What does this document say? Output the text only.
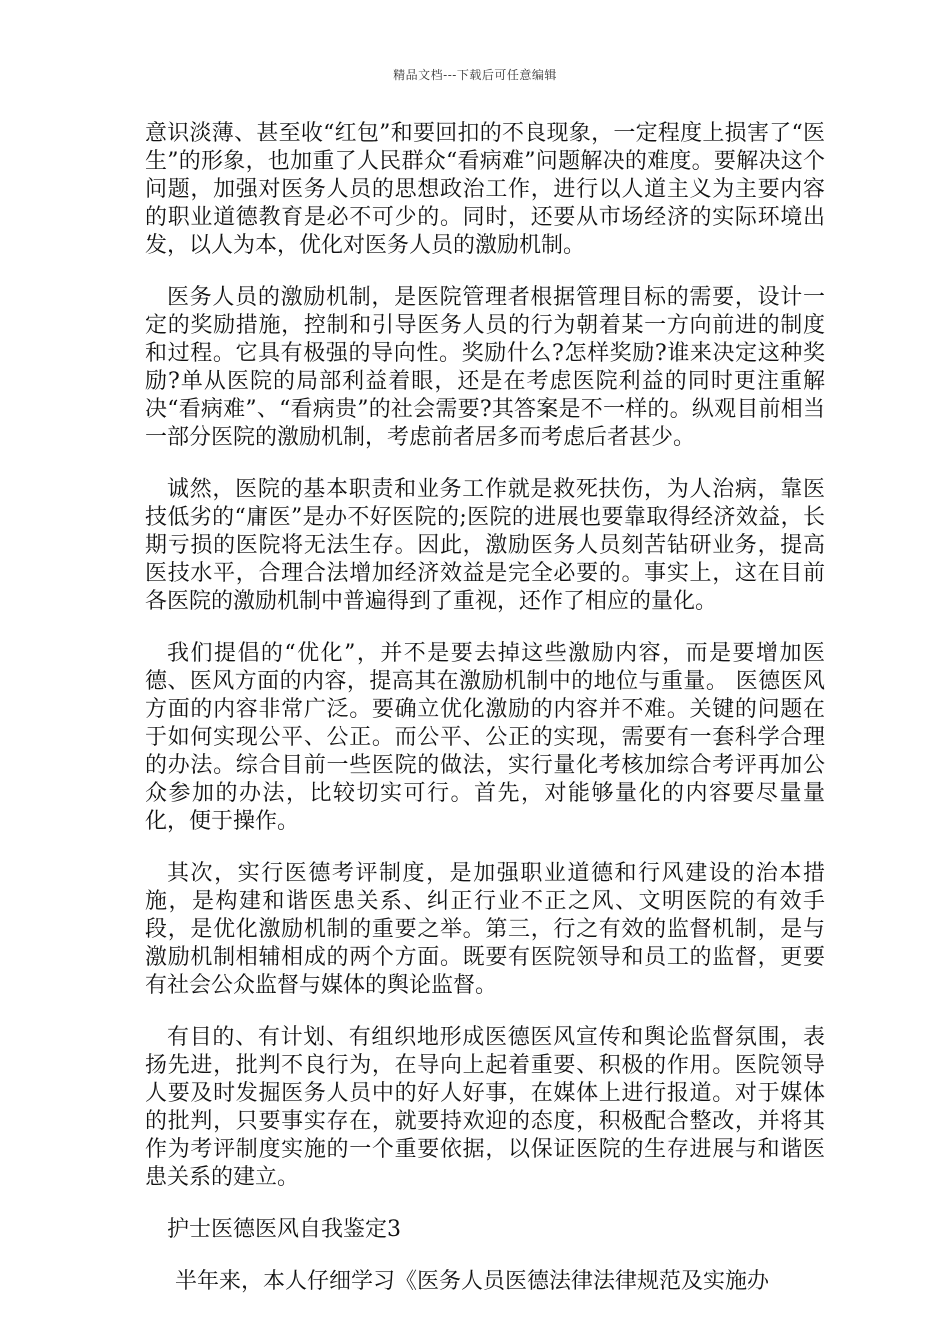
精品文档---下载后可任意编辑

意识淡薄、甚至收“红包”和要回扣的不良现象，一定程度上损害了“医生”的形象，也加重了人民群众“看病难”问题解决的难度。要解决这个问题，加强对医务人员的思想政治工作，进行以人道主义为主要内容的职业道德教育是必不可少的。同时，还要从市场经济的实际环境出发，以人为本，优化对医务人员的激励机制。

医务人员的激励机制，是医院管理者根据管理目标的需要，设计一定的奖励措施，控制和引导医务人员的行为朝着某一方向前进的制度和过程。它具有极强的导向性。奖励什么?怎样奖励?谁来决定这种奖励?单从医院的局部利益着眼，还是在考虑医院利益的同时更注重解决“看病难”、“看病贵”的社会需要?其答案是不一样的。纵观目前相当一部分医院的激励机制，考虑前者居多而考虑后者甚少。

诚然，医院的基本职责和业务工作就是救死扶伤，为人治病，靠医技低劣的“庸医”是办不好医院的;医院的进展也要靠取得经济效益，长期亏损的医院将无法生存。因此，激励医务人员刻苦钻研业务，提高医技水平，合理合法增加经济效益是完全必要的。事实上，这在目前各医院的激励机制中普遍得到了重视，还作了相应的量化。

我们提倡的“优化”，并不是要去掉这些激励内容，而是要增加医德、医风方面的内容，提高其在激励机制中的地位与重量。 医德医风方面的内容非常广泛。要确立优化激励的内容并不难。关键的问题在于如何实现公平、公正。而公平、公正的实现，需要有一套科学合理的办法。综合目前一些医院的做法，实行量化考核加综合考评再加公众参加的办法，比较切实可行。首先，对能够量化的内容要尽量量化，便于操作。

其次，实行医德考评制度，是加强职业道德和行风建设的治本措施，是构建和谐医患关系、纠正行业不正之风、文明医院的有效手段，是优化激励机制的重要之举。第三，行之有效的监督机制，是与激励机制相辅相成的两个方面。既要有医院领导和员工的监督，更要有社会公众监督与媒体的舆论监督。

有目的、有计划、有组织地形成医德医风宣传和舆论监督氛围，表扬先进，批判不良行为，在导向上起着重要、积极的作用。医院领导人要及时发掘医务人员中的好人好事，在媒体上进行报道。对于媒体的批判，只要事实存在，就要持欢迎的态度，积极配合整改，并将其作为考评制度实施的一个重要依据，以保证医院的生存进展与和谐医患关系的建立。

护士医德医风自我鉴定3

半年来，本人仔细学习《医务人员医德法律法律规范及实施办
